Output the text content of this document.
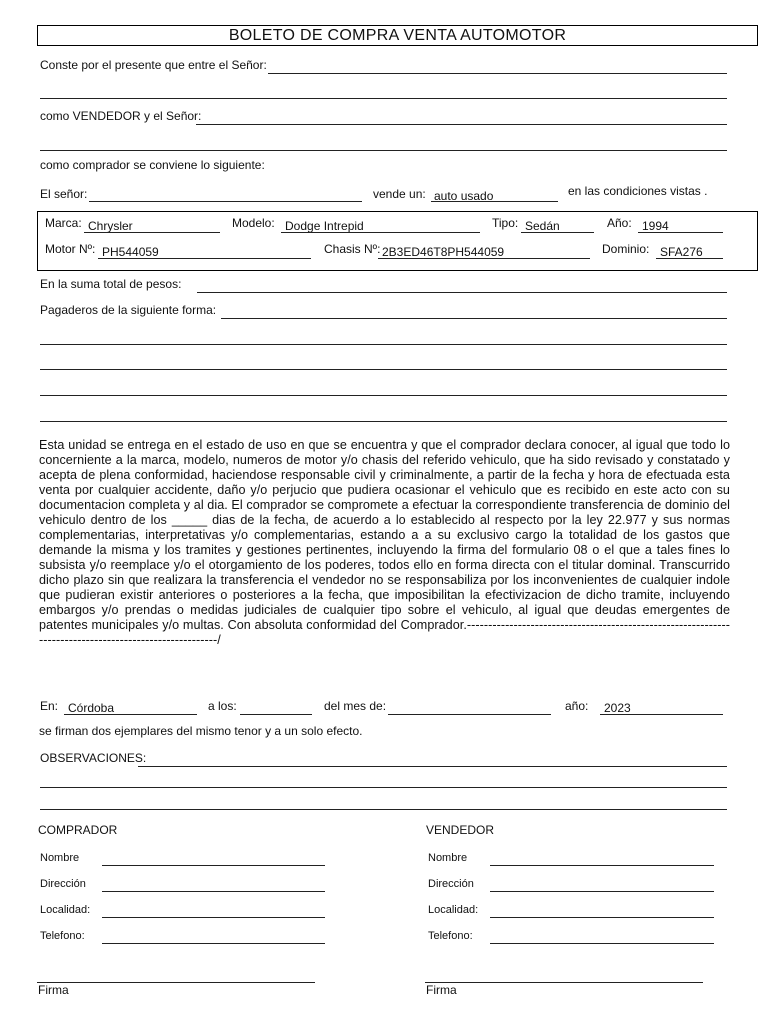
BOLETO DE COMPRA VENTA AUTOMOTOR
Conste por el presente que entre el Señor:
como VENDEDOR y el Señor:
como comprador se conviene lo siguiente:
El señor:	vende un: auto usado	en las condiciones vistas .
Marca: Chrysler	Modelo: Dodge Intrepid	Tipo: Sedán	Año: 1994
Motor Nº: PH544059	Chasis Nº: 2B3ED46T8PH544059	Dominio: SFA276
En la suma total de pesos:
Pagaderos de la siguiente forma:
Esta unidad se entrega en el estado de uso en que se encuentra y que el comprador declara conocer, al igual que todo lo concerniente a la marca, modelo, numeros de motor y/o chasis del referido vehiculo, que ha sido revisado y constatado y acepta de plena conformidad, haciendose responsable civil y criminalmente, a partir de la fecha y hora de efectuada esta venta por cualquier accidente, daño y/o perjucio que pudiera ocasionar el vehiculo que es recibido en este acto con su documentacion completa y al dia. El comprador se compromete a efectuar la correspondiente transferencia de dominio del vehiculo dentro de los _____ dias de la fecha, de acuerdo a lo establecido al respecto por la ley 22.977 y sus normas complementarias, interpretativas y/o complementarias, estando a a su exclusivo cargo la totalidad de los gastos que demande la misma y los tramites y gestiones pertinentes, incluyendo la firma del formulario 08 o el que a tales fines lo subsista y/o reemplace y/o el otorgamiento de los poderes, todos ello en forma directa con el titular dominal. Transcurrido dicho plazo sin que realizara la transferencia el vendedor no se responsabiliza por los inconvenientes de cualquier indole que pudieran existir anteriores o posteriores a la fecha, que imposibilitan la efectivizacion de dicho tramite, incluyendo embargos y/o prendas o medidas judiciales de cualquier tipo sobre el vehiculo, al igual que deudas emergentes de patentes municipales y/o multas. Con absoluta conformidad del Comprador.--------------------------------------------------------------------------------------------------------/
En: Córdoba	a los:	del mes de:	año: 2023
se firman dos ejemplares del mismo tenor y a un solo efecto.
OBSERVACIONES:
COMPRADOR
Nombre
Dirección
Localidad:
Telefono:
Firma
VENDEDOR
Nombre
Dirección
Localidad:
Telefono:
Firma
